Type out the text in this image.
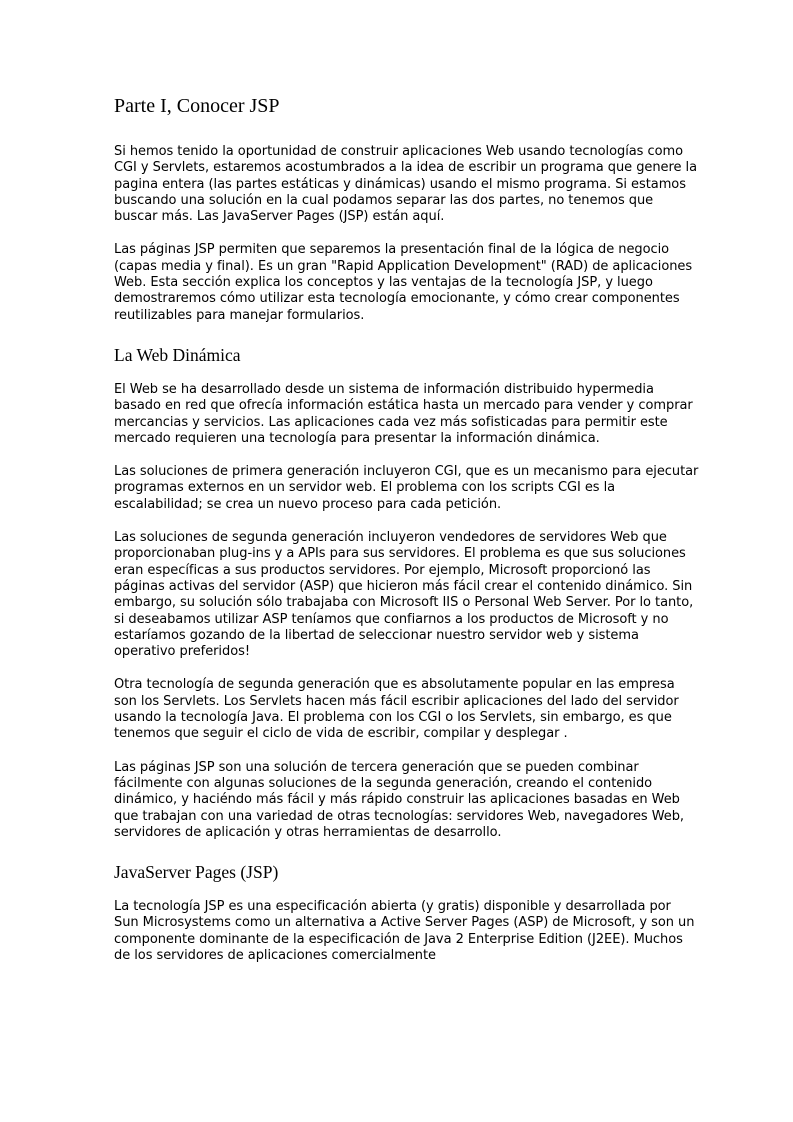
Parte I, Conocer JSP

Si hemos tenido la oportunidad de construir aplicaciones Web usando tecnologías como CGI y Servlets, estaremos acostumbrados a la idea de escribir un programa que genere la pagina entera (las partes estáticas y dinámicas) usando el mismo programa. Si estamos buscando una solución en la cual podamos separar las dos partes, no tenemos que buscar más. Las JavaServer Pages (JSP) están aquí.

Las páginas JSP permiten que separemos la presentación final de la lógica de negocio (capas media y final). Es un gran "Rapid Application Development" (RAD) de aplicaciones Web. Esta sección explica los conceptos y las ventajas de la tecnología JSP, y luego demostraremos cómo utilizar esta tecnología emocionante, y cómo crear componentes reutilizables para manejar formularios.

La Web Dinámica

El Web se ha desarrollado desde un sistema de información distribuido hypermedia basado en red que ofrecía información estática hasta un mercado para vender y comprar mercancias y servicios. Las aplicaciones cada vez más sofisticadas para permitir este mercado requieren una tecnología para presentar la información dinámica.

Las soluciones de primera generación incluyeron CGI, que es un mecanismo para ejecutar programas externos en un servidor web. El problema con los scripts CGI es la escalabilidad; se crea un nuevo proceso para cada petición.

Las soluciones de segunda generación incluyeron vendedores de servidores Web que proporcionaban plug-ins y a APIs para sus servidores. El problema es que sus soluciones eran específicas a sus productos servidores. Por ejemplo, Microsoft proporcionó las páginas activas del servidor (ASP) que hicieron más fácil crear el contenido dinámico. Sin embargo, su solución sólo trabajaba con Microsoft IIS o Personal Web Server. Por lo tanto, si deseabamos utilizar ASP teníamos que confiarnos a los productos de Microsoft y no estaríamos gozando de la libertad de seleccionar nuestro servidor web y sistema operativo preferidos!

Otra tecnología de segunda generación que es absolutamente popular en las empresa son los Servlets. Los Servlets hacen más fácil escribir aplicaciones del lado del servidor usando la tecnología Java. El problema con los CGI o los Servlets, sin embargo, es que tenemos que seguir el ciclo de vida de escribir, compilar y desplegar .

Las páginas JSP son una solución de tercera generación que se pueden combinar fácilmente con algunas soluciones de la segunda generación, creando el contenido dinámico, y haciéndo más fácil y más rápido construir las aplicaciones basadas en Web que trabajan con una variedad de otras tecnologías: servidores Web, navegadores Web, servidores de aplicación y otras herramientas de desarrollo.

JavaServer Pages (JSP)

La tecnología JSP es una especificación abierta (y gratis) disponible y desarrollada por Sun Microsystems como un alternativa a Active Server Pages (ASP) de Microsoft, y son un componente dominante de la especificación de Java 2 Enterprise Edition (J2EE). Muchos de los servidores de aplicaciones comercialmente
